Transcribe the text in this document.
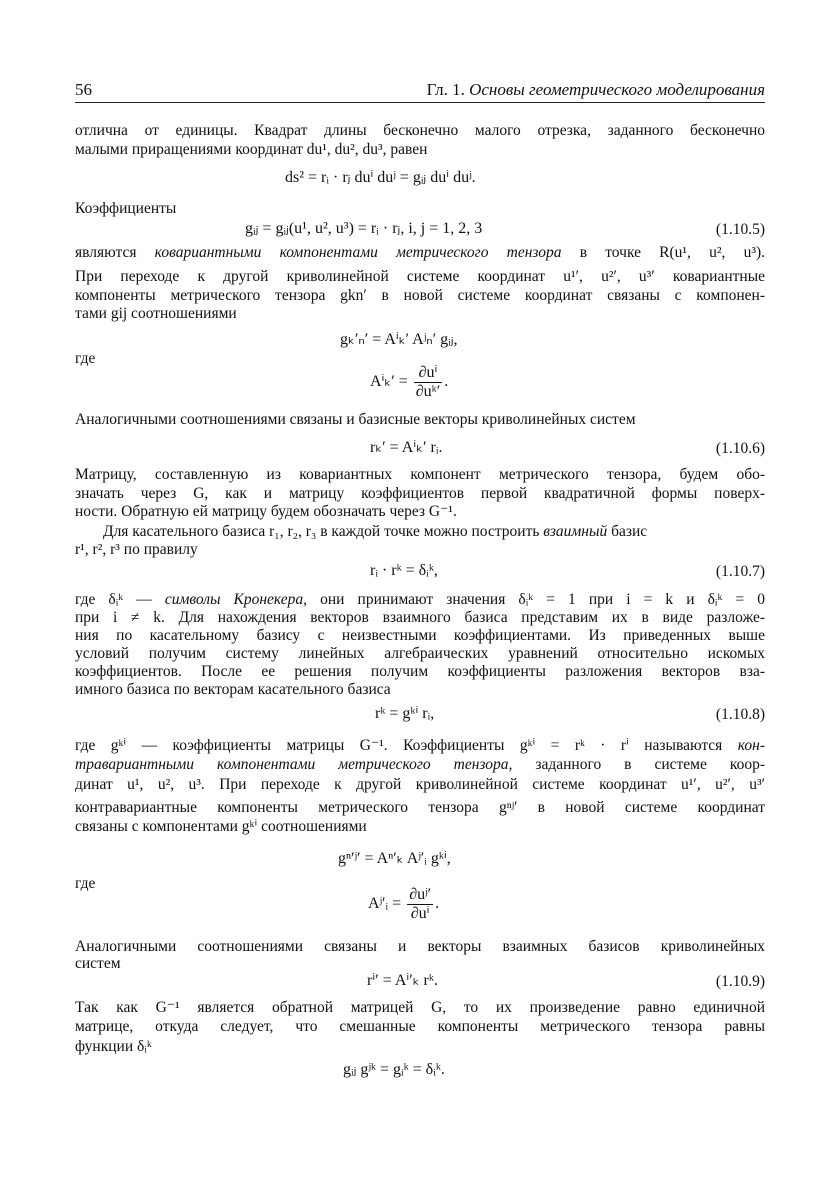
56	Гл. 1. Основы геометрического моделирования
отлична от единицы. Квадрат длины бесконечно малого отрезка, заданного бесконечно
малыми приращениями координат du¹, du², du³, равен
ds² = rᵢ · rⱼ duⁱ duʲ = gᵢⱼ duⁱ duʲ.
Коэффициенты
gᵢⱼ = gᵢⱼ(u¹, u², u³) = rᵢ · rⱼ, i, j = 1, 2, 3	(1.10.5)
являются ковариантными компонентами метрического тензора в точке R(u¹, u², u³).
При переходе к другой криволинейной системе координат u¹′, u²′, u³′ ковариантные
компоненты метрического тензора gkn′ в новой системе координат связаны с компонен-
тами gij соотношениями
gₖ′ₙ′ = Aⁱₖ′ Aʲₙ′ gᵢⱼ,
где
$A^i_k' = \frac{\text{∂uⁱ}}{\text{∂uᵏ′}}$ .
Аналогичными соотношениями связаны и базисные векторы криволинейных систем
rₖ′ = Aⁱₖ′ rᵢ.	(1.10.6)
Матрицу, составленную из ковариантных компонент метрического тензора, будем обо-
значать через G, как и матрицу коэффициентов первой квадратичной формы поверх-
ности. Обратную ей матрицу будем обозначать через G⁻¹.
Для касательного базиса r₁, r₂, r₃ в каждой точке можно построить взаимный базис
r¹, r², r³ по правилу
rᵢ · rᵏ = δᵢᵏ,	(1.10.7)
где δᵢᵏ — символы Кронекера, они принимают значения δᵢᵏ = 1 при i = k и δᵢᵏ = 0
при i ≠ k. Для нахождения векторов взаимного базиса представим их в виде разложе-
ния по касательному базису с неизвестными коэффициентами. Из приведенных выше
условий получим систему линейных алгебраических уравнений относительно искомых
коэффициентов. После ее решения получим коэффициенты разложения векторов вза-
имного базиса по векторам касательного базиса
rᵏ = gᵏⁱ rᵢ,	(1.10.8)
где gᵏⁱ — коэффициенты матрицы G⁻¹. Коэффициенты gᵏⁱ = rᵏ · rⁱ называются кон-
травариантными компонентами метрического тензора, заданного в системе коор-
динат u¹, u², u³. При переходе к другой криволинейной системе координат u¹′, u²′, u³′
контравариантные компоненты метрического тензора gⁿʲ′ в новой системе координат
связаны с компонентами gᵏⁱ соотношениями
gⁿ′ʲ′ = Aⁿ′ₖ Aʲ′ᵢ gᵏⁱ,
где
Aʲ′ᵢ = $\frac{\text{∂uʲ′}}{\text{∂uⁱ}}$ .
Аналогичными соотношениями связаны и векторы взаимных базисов криволинейных
систем
rⁱ′ = Aⁱ′ₖ rᵏ.	(1.10.9)
Так как G⁻¹ является обратной матрицей G, то их произведение равно единичной
матрице, откуда следует, что смешанные компоненты метрического тензора равны
функции δᵢᵏ
gᵢⱼ gʲᵏ = gᵢᵏ = δᵢᵏ.
